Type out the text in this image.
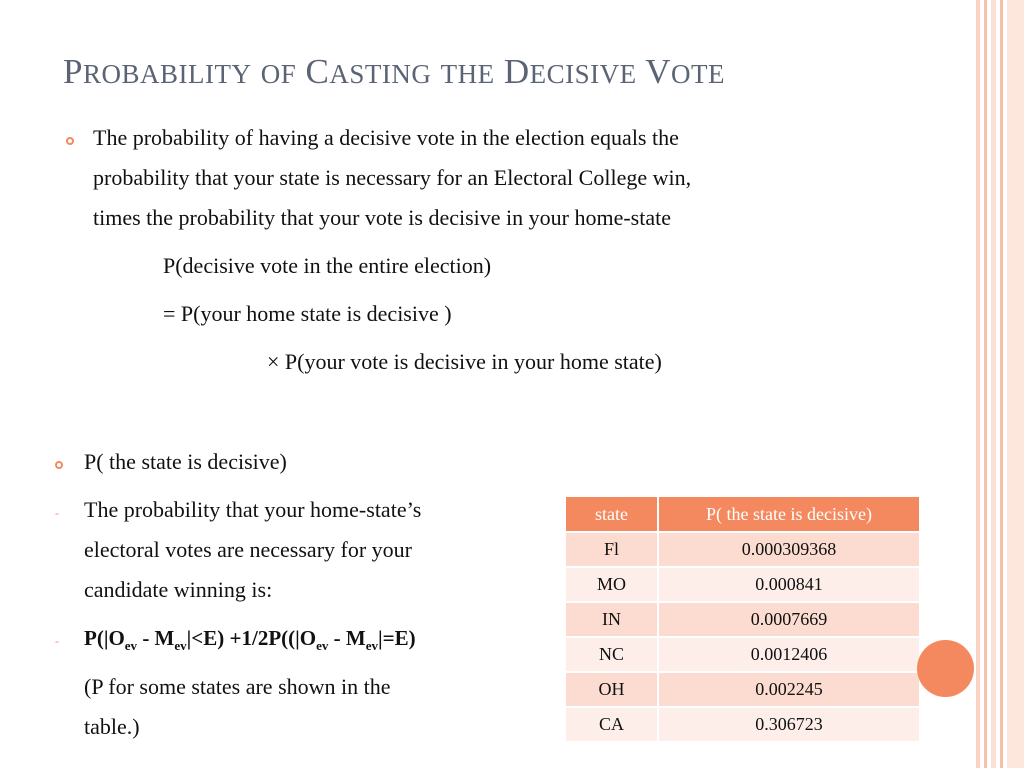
PROBABILITY OF CASTING THE DECISIVE VOTE
The probability of having a decisive vote in the election equals the
probability that your state is necessary for an Electoral College win,
times the probability that your vote is decisive in your home-state
P(decisive vote in the entire election)
= P(your home state is decisive )
× P(your vote is decisive in your home state)
P( the state is decisive)
- The probability that your home-state’s
electoral votes are necessary for your
candidate winning is:
- $P(|O_{ev} - M_{ev}|<E) +1/2P((|O_{ev} - M_{ev}|=E)$
(P for some states are shown in the
table.)
state	P( the state is decisive)
Fl	0.000309368
MO	0.000841
IN	0.0007669
NC	0.0012406
OH	0.002245
CA	0.306723
